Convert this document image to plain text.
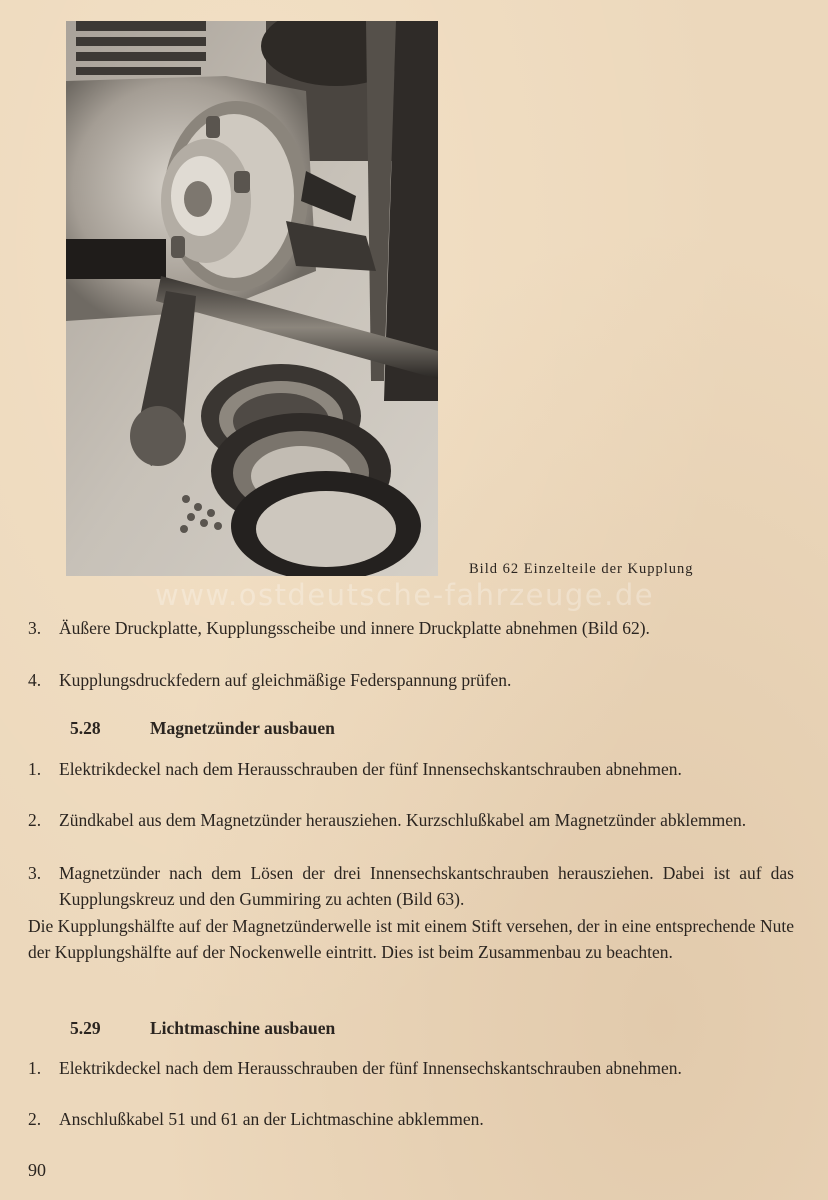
Bild 62 Einzelteile der Kupplung
www.ostdeutsche-fahrzeuge.de
3.	Äußere Druckplatte, Kupplungsscheibe und innere Druckplatte abnehmen (Bild 62).
4.	Kupplungsdruckfedern auf gleichmäßige Federspannung prüfen.
5.28	Magnetzünder ausbauen
1.	Elektrikdeckel nach dem Herausschrauben der fünf Innensechskantschrauben abnehmen.
2.	Zündkabel aus dem Magnetzünder herausziehen. Kurzschlußkabel am Magnetzünder abklemmen.
3.	Magnetzünder nach dem Lösen der drei Innensechskantschrauben herausziehen. Dabei ist auf das Kupplungskreuz und den Gummiring zu achten (Bild 63).
Die Kupplungshälfte auf der Magnetzünderwelle ist mit einem Stift versehen, der in eine entsprechende Nute der Kupplungshälfte auf der Nockenwelle eintritt. Dies ist beim Zusammenbau zu beachten.
5.29	Lichtmaschine ausbauen
1.	Elektrikdeckel nach dem Herausschrauben der fünf Innensechskantschrauben abnehmen.
2.	Anschlußkabel 51 und 61 an der Lichtmaschine abklemmen.
90
